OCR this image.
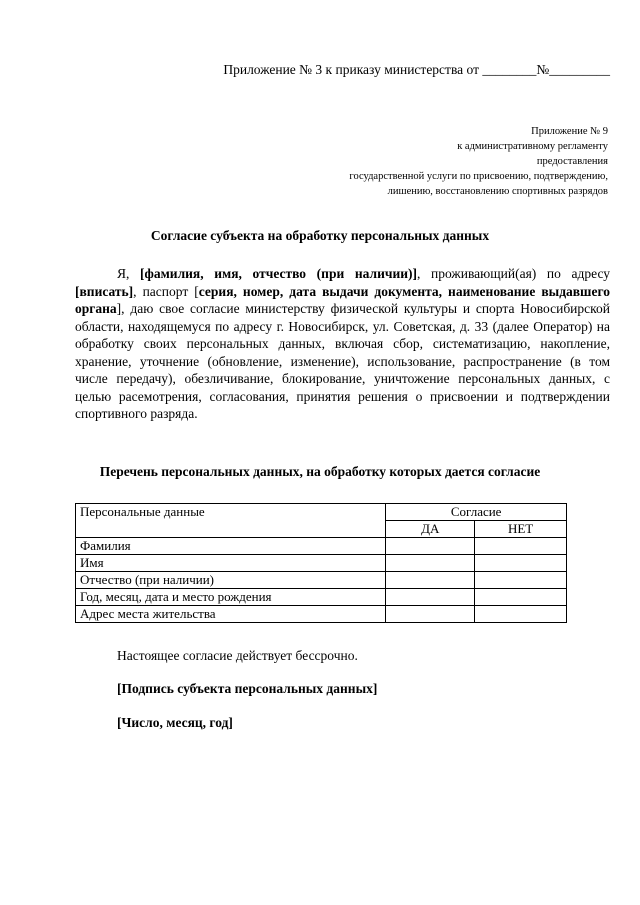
Приложение № 3 к приказу министерства от ________№_________
Приложение № 9
к административному регламенту
предоставления
государственной услуги по присвоению, подтверждению,
лишению, восстановлению спортивных разрядов
Согласие субъекта на обработку персональных данных

Я, [фамилия, имя, отчество (при наличии)], проживающий(ая) по адресу [вписать], паспорт [серия, номер, дата выдачи документа, наименование выдавшего органа], даю свое согласие министерству физической культуры и спорта Новосибирской области, находящемуся по адресу г. Новосибирск, ул. Советская, д. 33 (далее Оператор) на обработку своих персональных данных, включая сбор, систематизацию, накопление, хранение, уточнение (обновление, изменение), использование, распространение (в том числе передачу), обезличивание, блокирование, уничтожение персональных данных, с целью расемотрения, согласования, принятия решения о присвоении и подтверждении спортивного разряда.

Перечень персональных данных, на обработку которых дается согласие
Персональные данные	Согласие	
	ДА	НЕТ
Фамилия		
Имя		
Отчество (при наличии)		
Год, месяц, дата и место рождения		
Адрес места жительства		
Настоящее согласие действует бессрочно.
[Подпись субъекта персональных данных]
[Число, месяц, год]
